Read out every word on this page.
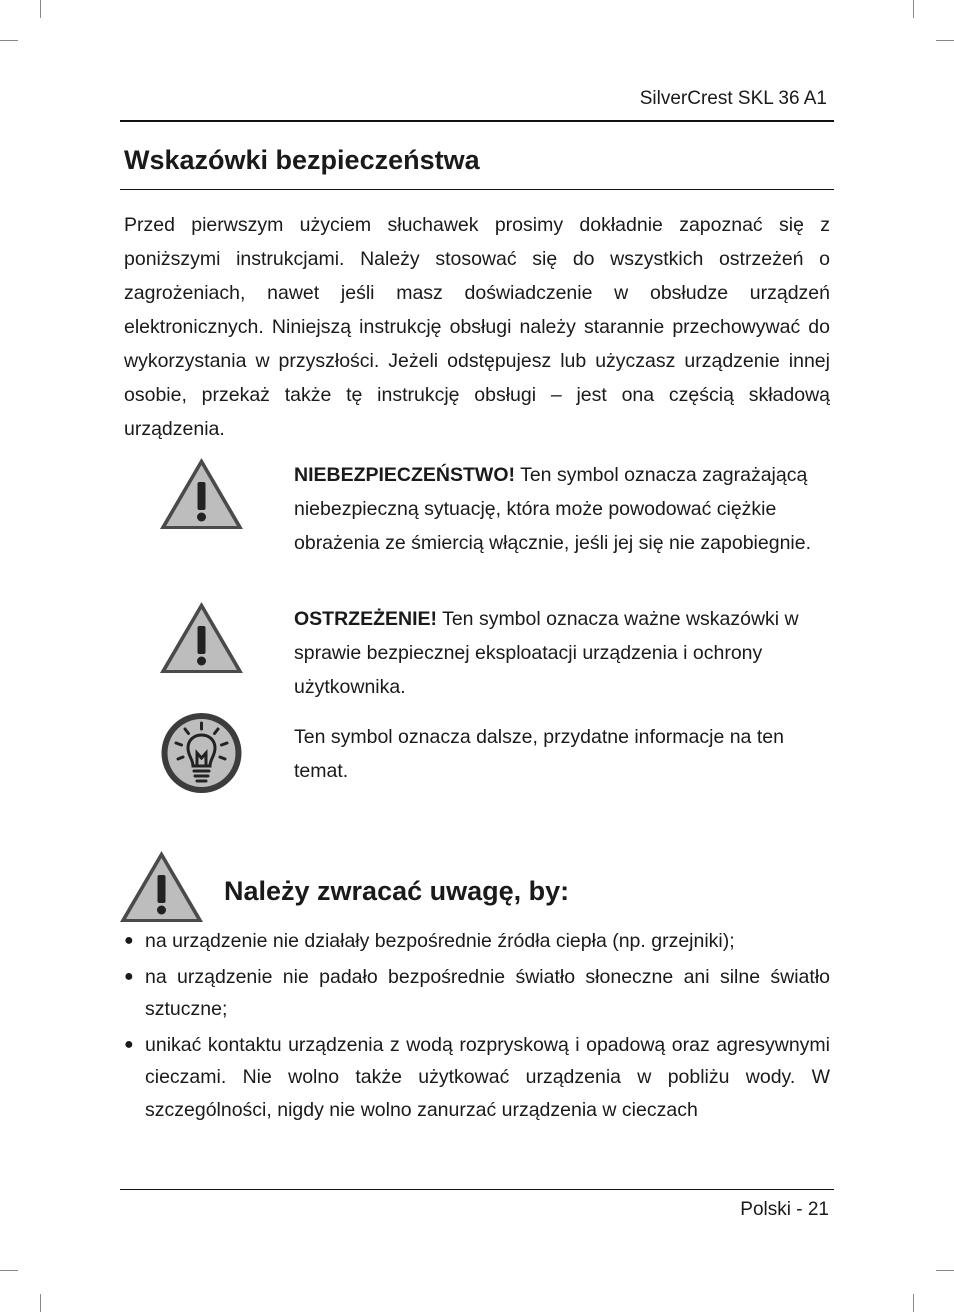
SilverCrest SKL 36 A1
Wskazówki bezpieczeństwa

Przed pierwszym użyciem słuchawek prosimy dokładnie zapoznać się z poniższymi instrukcjami. Należy stosować się do wszystkich ostrzeżeń o zagrożeniach, nawet jeśli masz doświadczenie w obsłudze urządzeń elektronicznych. Niniejszą instrukcję obsługi należy starannie przechowywać do wykorzystania w przyszłości. Jeżeli odstępujesz lub użyczasz urządzenie innej osobie, przekaż także tę instrukcję obsługi – jest ona częścią składową urządzenia.

NIEBEZPIECZEŃSTWO! Ten symbol oznacza zagrażającą niebezpieczną sytuację, która może powodować ciężkie obrażenia ze śmiercią włącznie, jeśli jej się nie zapobiegnie.

OSTRZEŻENIE! Ten symbol oznacza ważne wskazówki w sprawie bezpiecznej eksploatacji urządzenia i ochrony użytkownika.

Ten symbol oznacza dalsze, przydatne informacje na ten temat.

Należy zwracać uwagę, by:
● na urządzenie nie działały bezpośrednie źródła ciepła (np. grzejniki);
● na urządzenie nie padało bezpośrednie światło słoneczne ani silne światło sztuczne;
● unikać kontaktu urządzenia z wodą rozpryskową i opadową oraz agresywnymi cieczami. Nie wolno także użytkować urządzenia w pobliżu wody. W szczególności, nigdy nie wolno zanurzać urządzenia w cieczach
Polski - 21
